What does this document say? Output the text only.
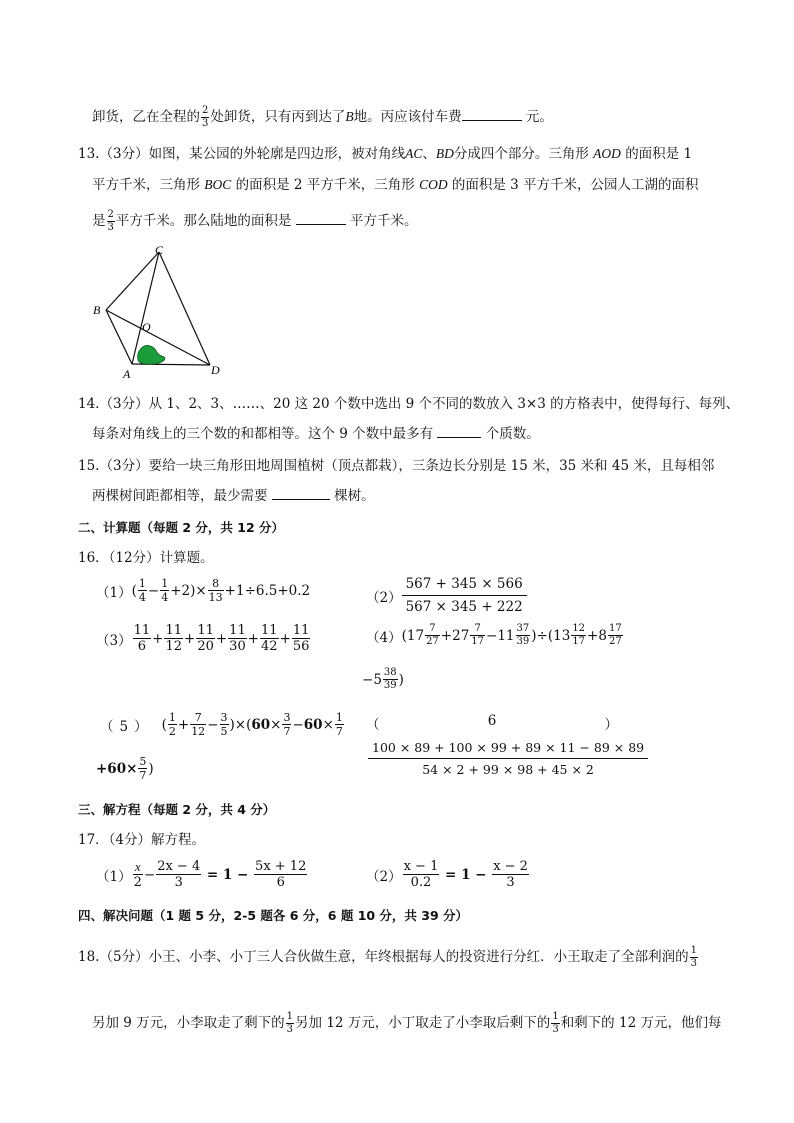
卸货，乙在全程的 $\frac{2}{3}$ 处卸货，只有丙到达了B地。丙应该付车费	元。
13.（3分）如图，某公园的外轮廓是四边形，被对角线AC、BD分成四个部分。三角形 AOD 的面积是 1
平方千米，三角形 BOC 的面积是 2 平方千米，三角形 COD 的面积是 3 平方千米，公园人工湖的面积
是 $\frac{2}{3}$ 平方千米。那么陆地的面积是	平方千米。
C
B
O
A	D
14.（3分）从 1、2、3、……、20 这 20 个数中选出 9 个不同的数放入 3×3 的方格表中，使得每行、每列、
每条对角线上的三个数的和都相等。这个 9 个数中最多有	个质数。
15.（3分）要给一块三角形田地周围植树（顶点都栽），三条边长分别是 15 米，35 米和 45 米，且每相邻
两棵树间距都相等，最少需要	棵树。
二、计算题（每题 2 分，共 12 分）
16．（12分）计算题。
（1） ( $\frac{1}{4} - \frac{1}{4} +2)\times \frac{8}{13} +1\div 6.5+0.2$	$(2) \frac{567 + 345 \times 566}{567 \times 345 + 222}$
$(3) \frac{11}{6} + \frac{11}{12} + \frac{11}{20} + \frac{11}{30} + \frac{11}{42} + \frac{11}{56}$	（4） ( $17 \frac{7}{27} + 27 \frac{7}{17} - 11 \frac{37}{39}$ )÷( $13 \frac{12}{17} + 8 \frac{17}{27}$
− $5 \frac{38}{39}$ )
（5） ( $\frac{1}{2} + \frac{7}{12} - \frac{3}{5}$ )×( $60 \times \frac{3}{7} - 60 \times \frac{1}{7}$
$+60\times \frac{5}{7}$ )
（	6	）
$\frac{100 \times 89 + 100 \times 99 + 89 \times 11 - 89 \times 89}{54 \times 2 + 99 \times 98 + 45 \times 2}$
三、解方程（每题 2 分，共 4 分）
17．（4分）解方程。
$(1) \frac{x}{2} - \frac{2x - 4}{3} = 1 - \frac{5x + 12}{6}$	$(2) \frac{x - 1}{0.2} = 1 - \frac{x - 2}{3}$
四、解决问题（1 题 5 分，2-5 题各 6 分，6 题 10 分，共 39 分）
18.（5分）小王、小李、小丁三人合伙做生意，年终根据每人的投资进行分红．小王取走了全部利润的 $\frac{1}{3}$
另加 9 万元，小李取走了剩下的 $\frac{1}{3}$ 另加 12 万元，小丁取走了小李取后剩下的 $\frac{1}{3}$ 和剩下的 12 万元，他们每
